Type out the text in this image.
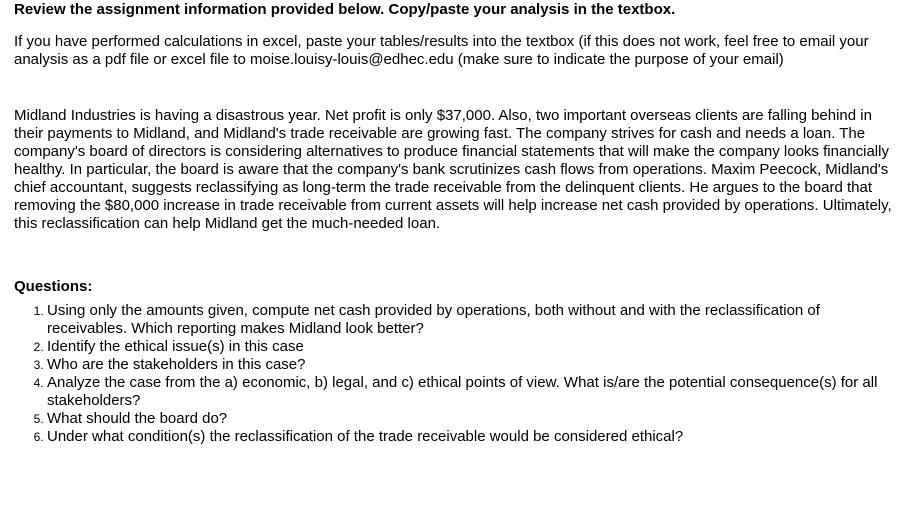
Review the assignment information provided below. Copy/paste your analysis in the textbox.

If you have performed calculations in excel, paste your tables/results into the textbox (if this does not work, feel free to email your analysis as a pdf file or excel file to moise.louisy-louis@edhec.edu (make sure to indicate the purpose of your email)

Midland Industries is having a disastrous year. Net profit is only $37,000. Also, two important overseas clients are falling behind in their payments to Midland, and Midland's trade receivable are growing fast. The company strives for cash and needs a loan. The company's board of directors is considering alternatives to produce financial statements that will make the company looks financially healthy. In particular, the board is aware that the company's bank scrutinizes cash flows from operations. Maxim Peecock, Midland's chief accountant, suggests reclassifying as long-term the trade receivable from the delinquent clients. He argues to the board that removing the $80,000 increase in trade receivable from current assets will help increase net cash provided by operations. Ultimately, this reclassification can help Midland get the much-needed loan.

Questions:

1. Using only the amounts given, compute net cash provided by operations, both without and with the reclassification of receivables. Which reporting makes Midland look better?
2. Identify the ethical issue(s) in this case
3. Who are the stakeholders in this case?
4. Analyze the case from the a) economic, b) legal, and c) ethical points of view. What is/are the potential consequence(s) for all stakeholders?
5. What should the board do?
6. Under what condition(s) the reclassification of the trade receivable would be considered ethical?
